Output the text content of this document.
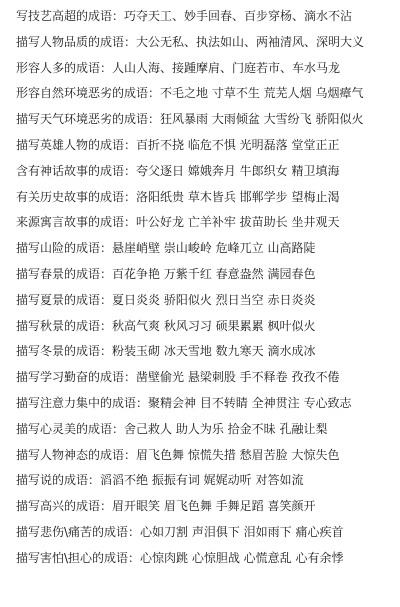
写技艺高超的成语：巧夺天工、妙手回春、百步穿杨、滴水不沾
描写人物品质的成语：大公无私、执法如山、两袖清风、深明大义
形容人多的成语：人山人海、接踵摩肩、门庭若市、车水马龙
形容自然环境恶劣的成语：不毛之地 寸草不生 荒芜人烟 乌烟瘴气
描写天气环境恶劣的成语：狂风暴雨 大雨倾盆 大雪纷飞 骄阳似火
描写英雄人物的成语：百折不挠 临危不惧 光明磊落 堂堂正正
含有神话故事的成语：夸父逐日 嫦娥奔月 牛郎织女 精卫填海
有关历史故事的成语：洛阳纸贵 草木皆兵 邯郸学步 望梅止渴
来源寓言故事的成语：叶公好龙 亡羊补牢 拔苗助长 坐井观天
描写山险的成语：悬崖峭壁 崇山峻岭 危峰兀立 山高路陡
描写春景的成语：百花争艳 万紫千红 春意盎然 满园春色
描写夏景的成语：夏日炎炎 骄阳似火 烈日当空 赤日炎炎
描写秋景的成语：秋高气爽 秋风习习 硕果累累 枫叶似火
描写冬景的成语：粉装玉砌 冰天雪地 数九寒天 滴水成冰
描写学习勤奋的成语：凿壁偷光 悬梁刺股 手不释卷 孜孜不倦
描写注意力集中的成语：聚精会神 目不转睛 全神贯注 专心致志
描写心灵美的成语：舍己救人 助人为乐 拾金不昧 孔融让梨
描写人物神态的成语：眉飞色舞 惊慌失措 愁眉苦脸 大惊失色
描写说的成语：滔滔不绝 振振有词 娓娓动听 对答如流
描写高兴的成语：眉开眼笑 眉飞色舞 手舞足蹈 喜笑颜开
描写悲伤\痛苦的成语：心如刀割 声泪俱下 泪如雨下 痛心疾首
描写害怕\担心的成语：心惊肉跳 心惊胆战 心慌意乱 心有余悸
